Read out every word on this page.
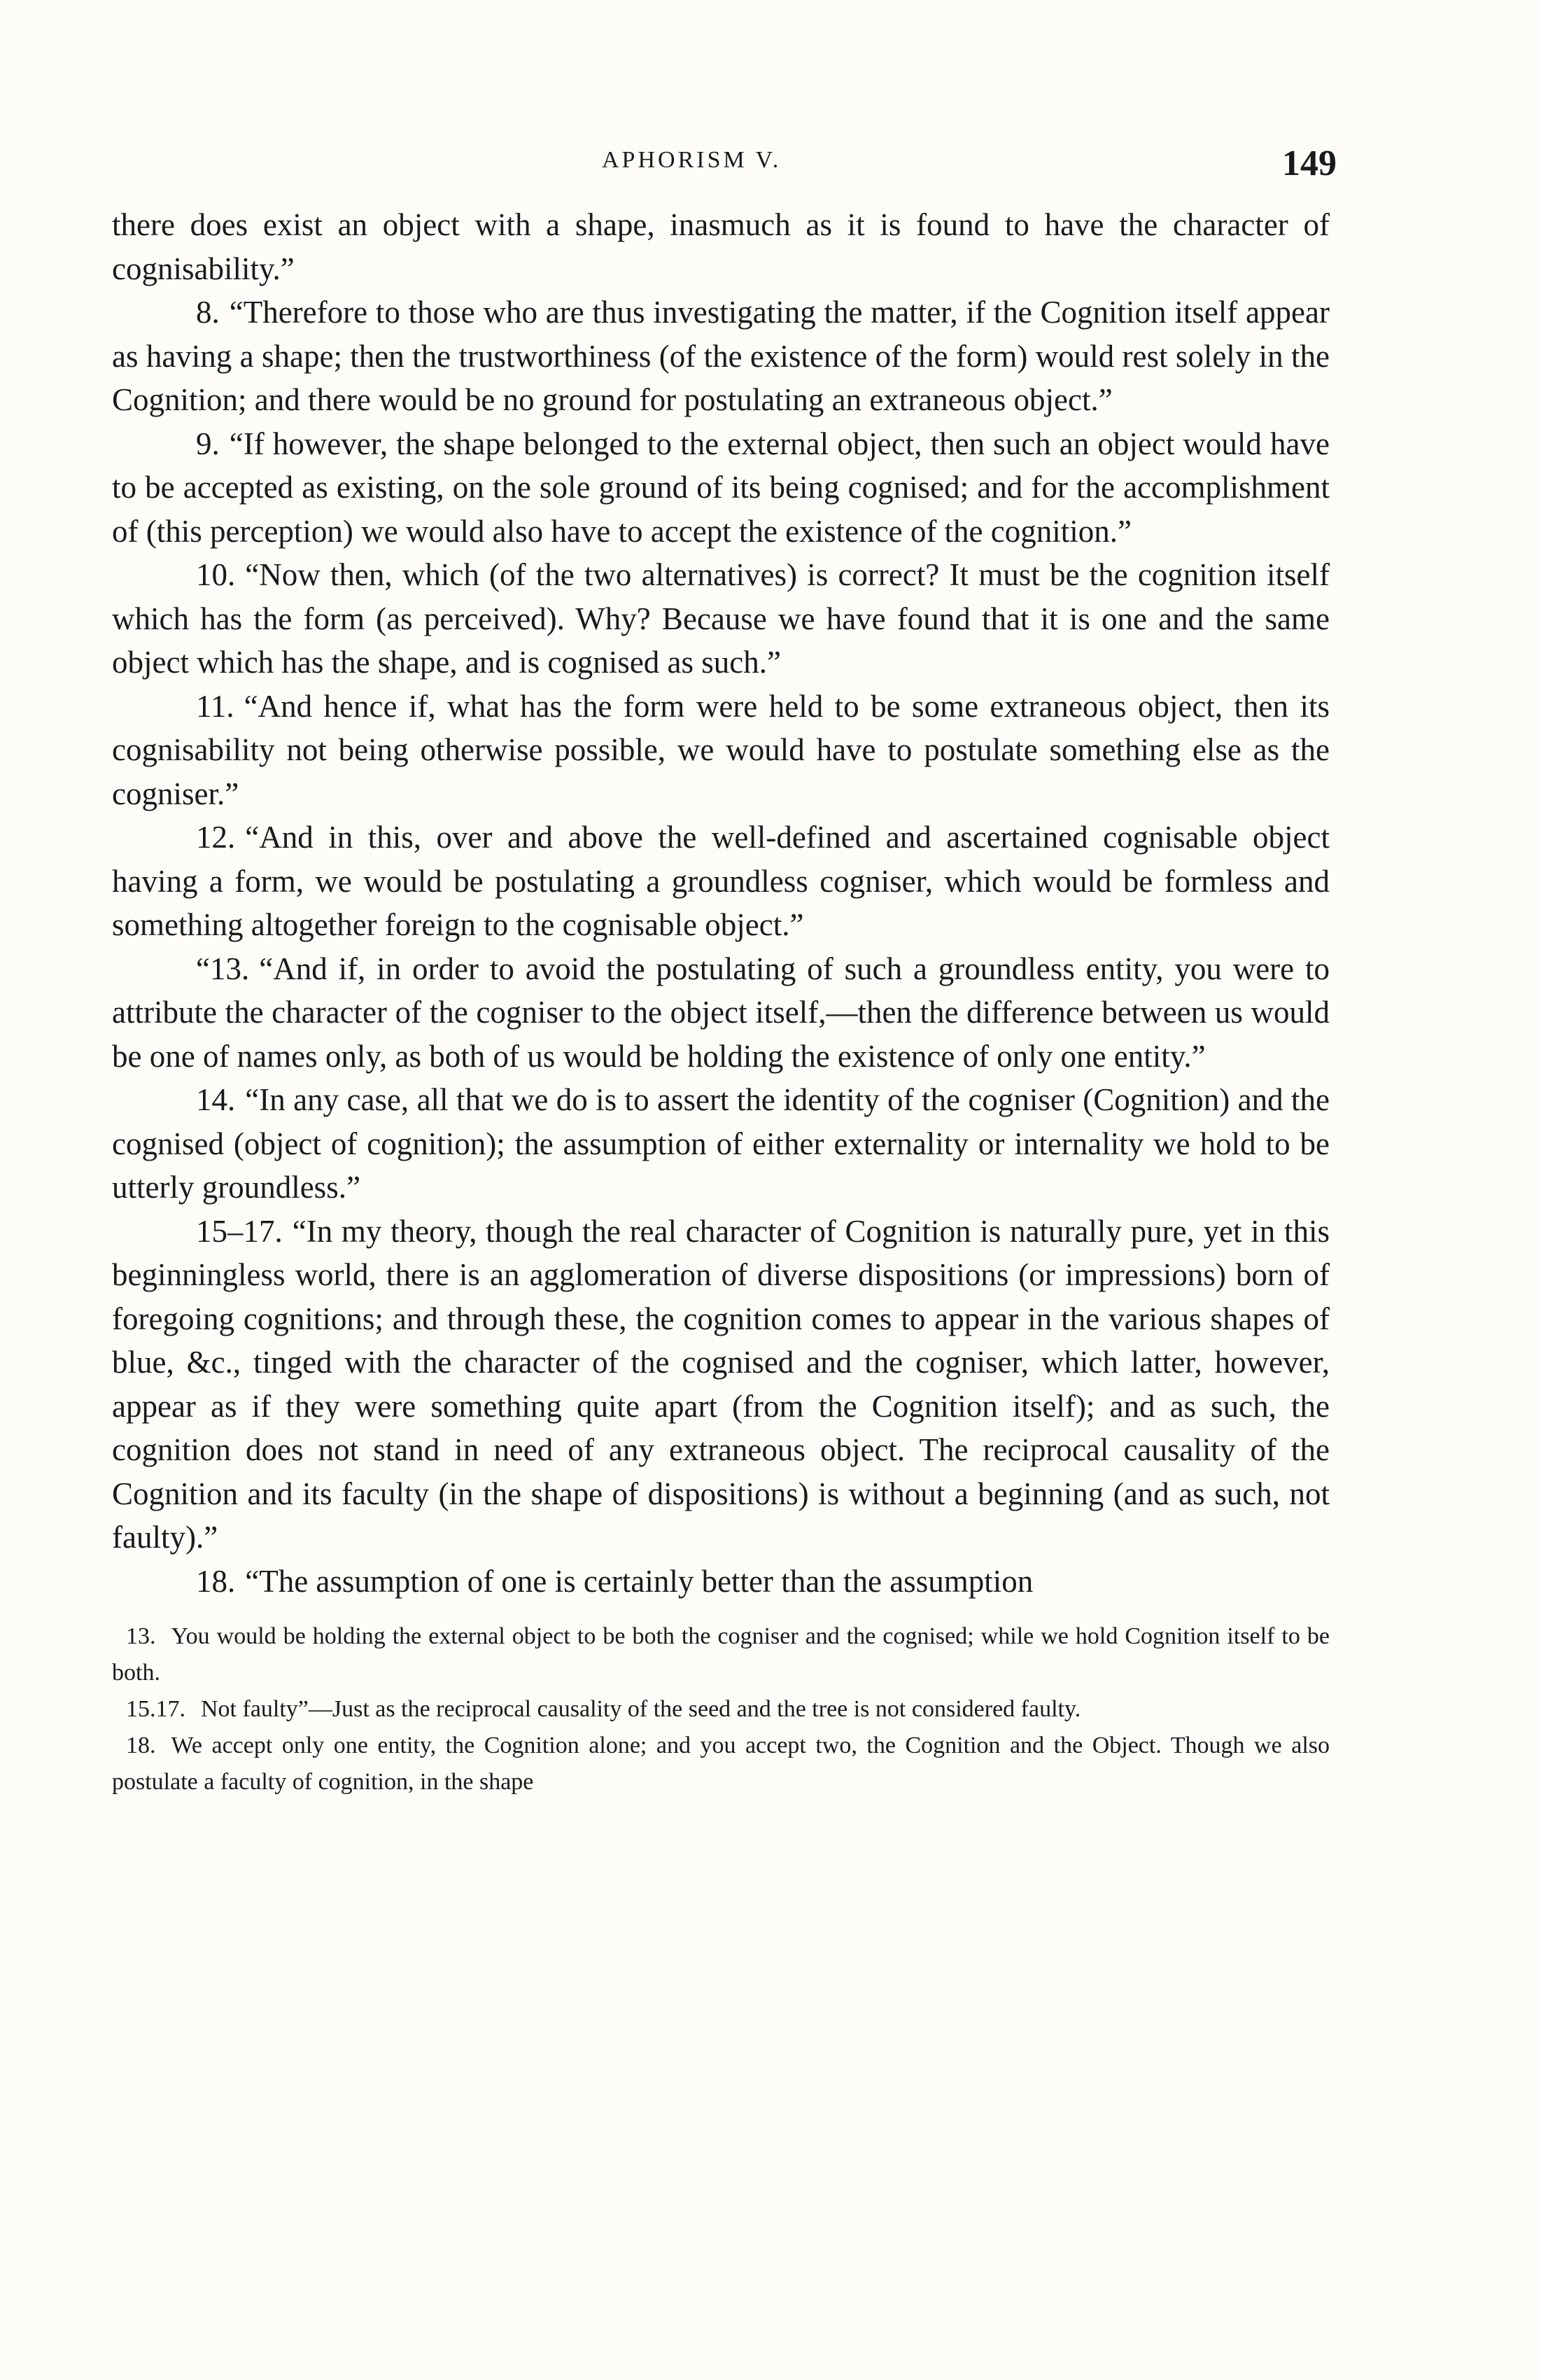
APHORISM V.	149

there does exist an object with a shape, inasmuch as it is found to have the character of cognisability.”

8. “Therefore to those who are thus investigating the matter, if the Cognition itself appear as having a shape; then the trustworthiness (of the existence of the form) would rest solely in the Cognition; and there would be no ground for postulating an extraneous object.”

9. “If however, the shape belonged to the external object, then such an object would have to be accepted as existing, on the sole ground of its being cognised; and for the accomplishment of (this perception) we would also have to accept the existence of the cognition.”

10. “Now then, which (of the two alternatives) is correct? It must be the cognition itself which has the form (as perceived). Why? Because we have found that it is one and the same object which has the shape, and is cognised as such.”

11. “And hence if, what has the form were held to be some extraneous object, then its cognisability not being otherwise possible, we would have to postulate something else as the cogniser.”

12. “And in this, over and above the well-defined and ascertained cognisable object having a form, we would be postulating a groundless cogniser, which would be formless and something altogether foreign to the cognisable object.”

“13. “And if, in order to avoid the postulating of such a groundless entity, you were to attribute the character of the cogniser to the object itself,—then the difference between us would be one of names only, as both of us would be holding the existence of only one entity.”

14. “In any case, all that we do is to assert the identity of the cogniser (Cognition) and the cognised (object of cognition); the assumption of either externality or internality we hold to be utterly groundless.”

15–17. “In my theory, though the real character of Cognition is naturally pure, yet in this beginningless world, there is an agglomeration of diverse dispositions (or impressions) born of foregoing cognitions; and through these, the cognition comes to appear in the various shapes of blue, &c., tinged with the character of the cognised and the cogniser, which latter, however, appear as if they were something quite apart (from the Cognition itself); and as such, the cognition does not stand in need of any extraneous object. The reciprocal causality of the Cognition and its faculty (in the shape of dispositions) is without a beginning (and as such, not faulty).”

18. “The assumption of one is certainly better than the assumption

13. You would be holding the external object to be both the cogniser and the cognised; while we hold Cognition itself to be both.

15.17. Not faulty”—Just as the reciprocal causality of the seed and the tree is not considered faulty.

18. We accept only one entity, the Cognition alone; and you accept two, the Cognition and the Object. Though we also postulate a faculty of cognition, in the shape
